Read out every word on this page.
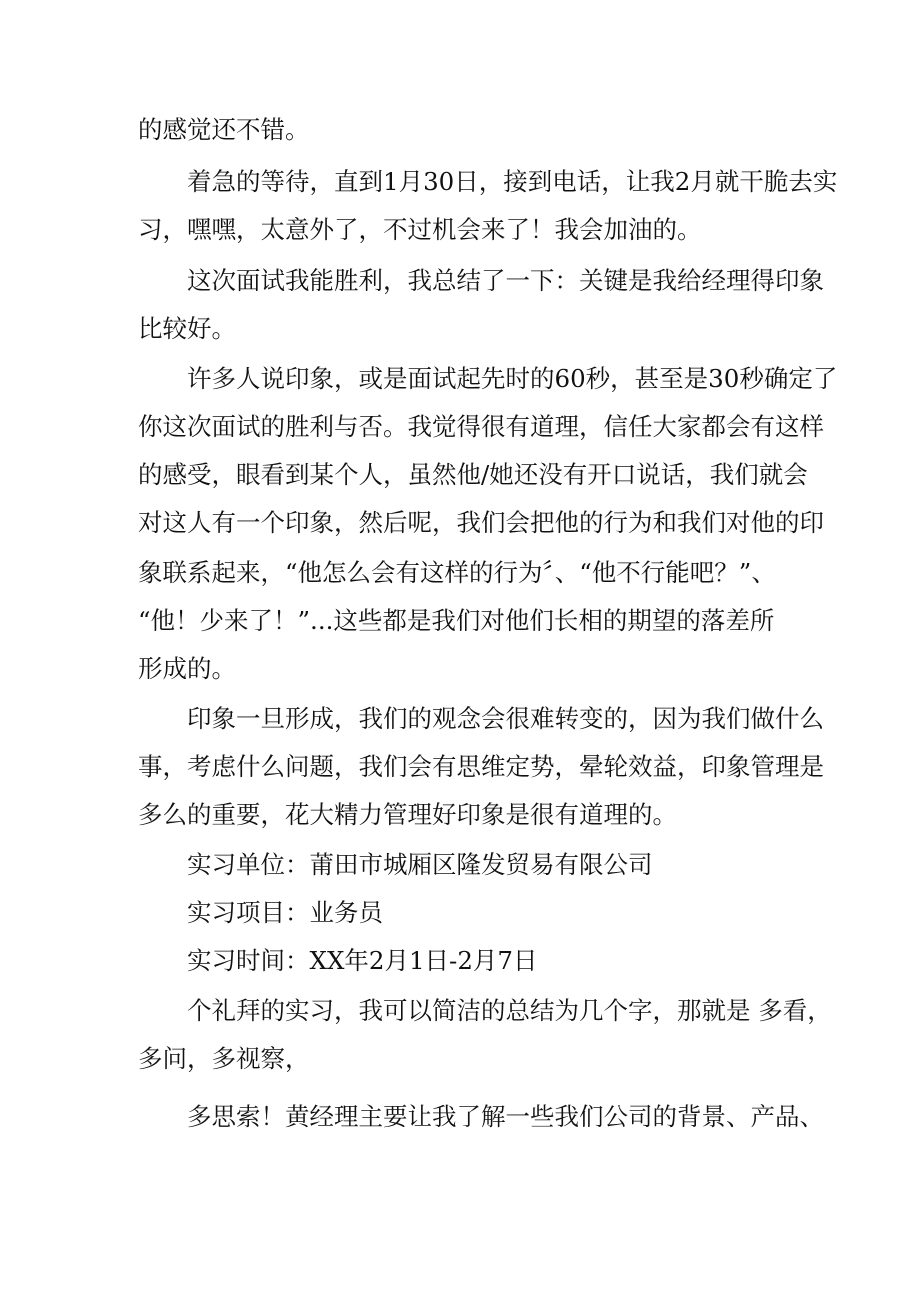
的感觉还不错。
着急的等待，直到1月30日，接到电话，让我2月就干脆去实
习，嘿嘿，太意外了，不过机会来了！我会加油的。
这次面试我能胜利，我总结了一下：关键是我给经理得印象
比较好。
许多人说印象，或是面试起先时的60秒，甚至是30秒确定了
你这次面试的胜利与否。我觉得很有道理，信任大家都会有这样
的感受，眼看到某个人，虽然他/她还没有开口说话，我们就会
对这人有一个印象，然后呢，我们会把他的行为和我们对他的印
象联系起来，“他怎么会有这样的行为〞、“他不行能吧？”、
“他！少来了！”...这些都是我们对他们长相的期望的落差所
形成的。
印象一旦形成，我们的观念会很难转变的，因为我们做什么
事，考虑什么问题，我们会有思维定势，晕轮效益，印象管理是
多么的重要，花大精力管理好印象是很有道理的。
实习单位：莆田市城厢区隆发贸易有限公司
实习项目：业务员
实习时间：XX年2月1日-2月7日
个礼拜的实习，我可以简洁的总结为几个字，那就是 多看，
多问，多视察，
多思索！黄经理主要让我了解一些我们公司的背景、产品、
